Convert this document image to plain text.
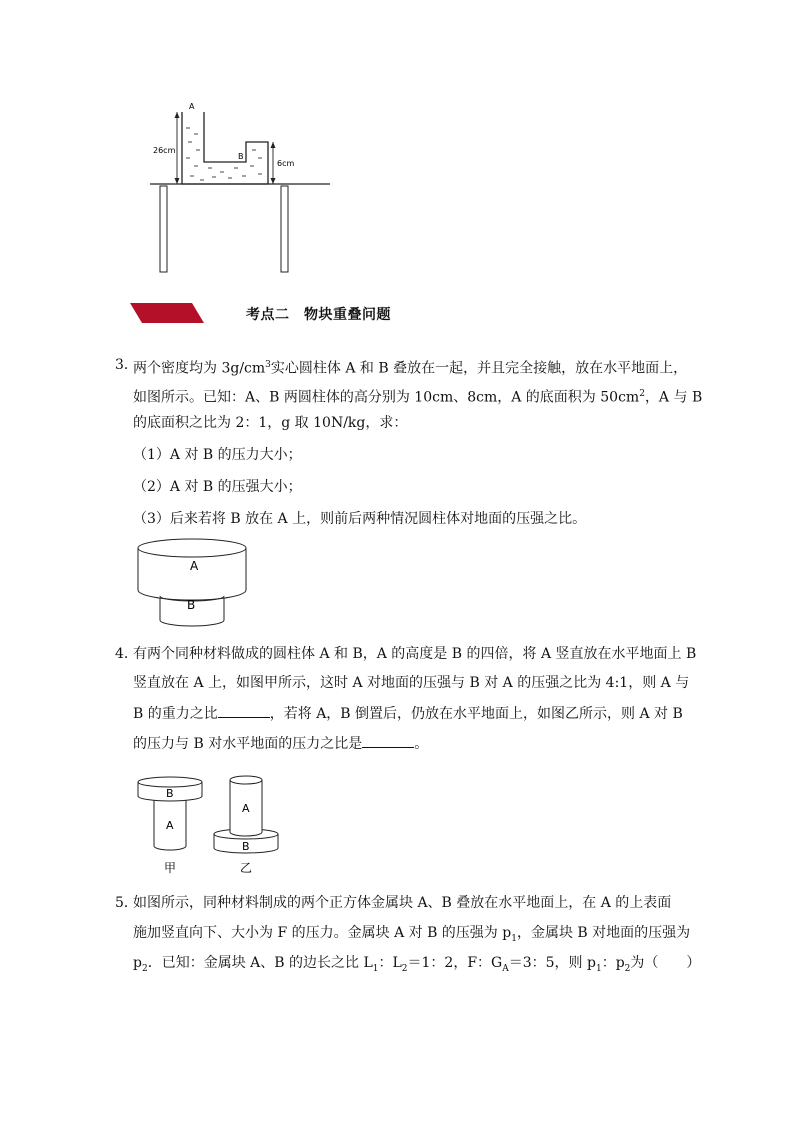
A
B
26cm
6cm
考点二　物块重叠问题
3．
两个密度均为 $3g/cm^3$实心圆柱体 A 和 B 叠放在一起，并且完全接触，放在水平地面上，
如图所示。已知：A、B 两圆柱体的高分别为 10cm、8cm，A 的底面积为 $50cm^2$，A 与 B
的底面积之比为 2：1，g 取 10N/kg，求：
（1）A 对 B 的压力大小；
（2）A 对 B 的压强大小；
（3）后来若将 B 放在 A 上，则前后两种情况圆柱体对地面的压强之比。
A
B
4．
有两个同种材料做成的圆柱体 A 和 B，A 的高度是 B 的四倍，将 A 竖直放在水平地面上 B
竖直放在 A 上，如图甲所示，这时 A 对地面的压强与 B 对 A 的压强之比为 4:1，则 A 与
B 的重力之比	，若将 A，B 倒置后，仍放在水平地面上，如图乙所示，则 A 对 B
的压力与 B 对水平地面的压力之比是	。
B
A
甲
A
B
乙
5．
如图所示，同种材料制成的两个正方体金属块 A、B 叠放在水平地面上，在 A 的上表面
施加竖直向下、大小为 F 的压力。金属块 A 对 B 的压强为 $p_1$，金属块 B 对地面的压强为
$p_2$．已知：金属块 A、B 的边长之比 $L_1$：$L_2=1$：2，F：$G_A=3$：5，则 $p_1$：$p_2$为（　　）
